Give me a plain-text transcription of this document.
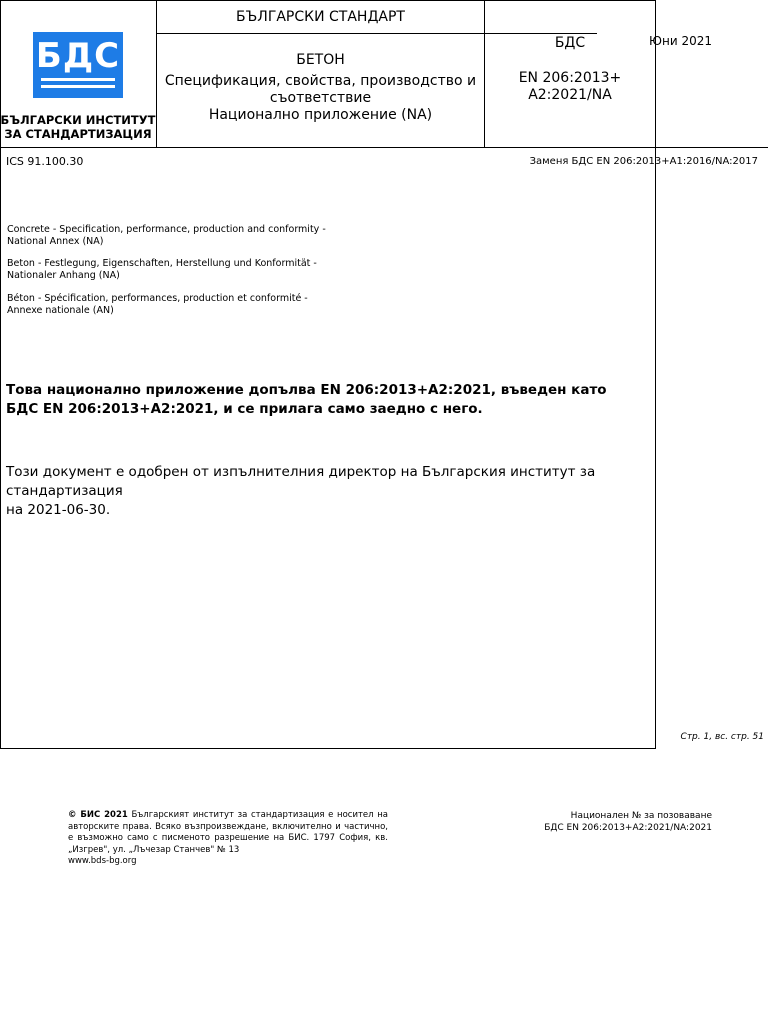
Юни 2021
БДС
БЪЛГАРСКИ ИНСТИТУТ
ЗА СТАНДАРТИЗАЦИЯ
БЪЛГАРСКИ СТАНДАРТ
БЕТОН
Спецификация, свойства, производство и
съответствие
Национално приложение (NA)
БДС
EN 206:2013+
A2:2021/NA
ICS 91.100.30	Заменя БДС EN 206:2013+A1:2016/NA:2017
Concrete - Specification, performance, production and conformity -
National Annex (NA)
Beton - Festlegung, Eigenschaften, Herstellung und Konformität -
Nationaler Anhang (NA)
Béton - Spécification, performances, production et conformité -
Annexe nationale (AN)
Това национално приложение допълва EN 206:2013+A2:2021, въведен като
БДС EN 206:2013+A2:2021, и се прилага само заедно с него.
Този документ е одобрен от изпълнителния директор на Българския институт за стандартизация
на 2021-06-30.
Стр. 1, вс. стр. 51
© БИС 2021 Българският институт за стандартизация е носител на авторските права. Всяко възпроизвеждане, включително и частично, е възможно само с писменото разрешение на БИС. 1797 София, кв. „Изгрев", ул. „Лъчезар Станчев" № 13
www.bds-bg.org
Национален № за позоваване
БДС EN 206:2013+A2:2021/NA:2021
